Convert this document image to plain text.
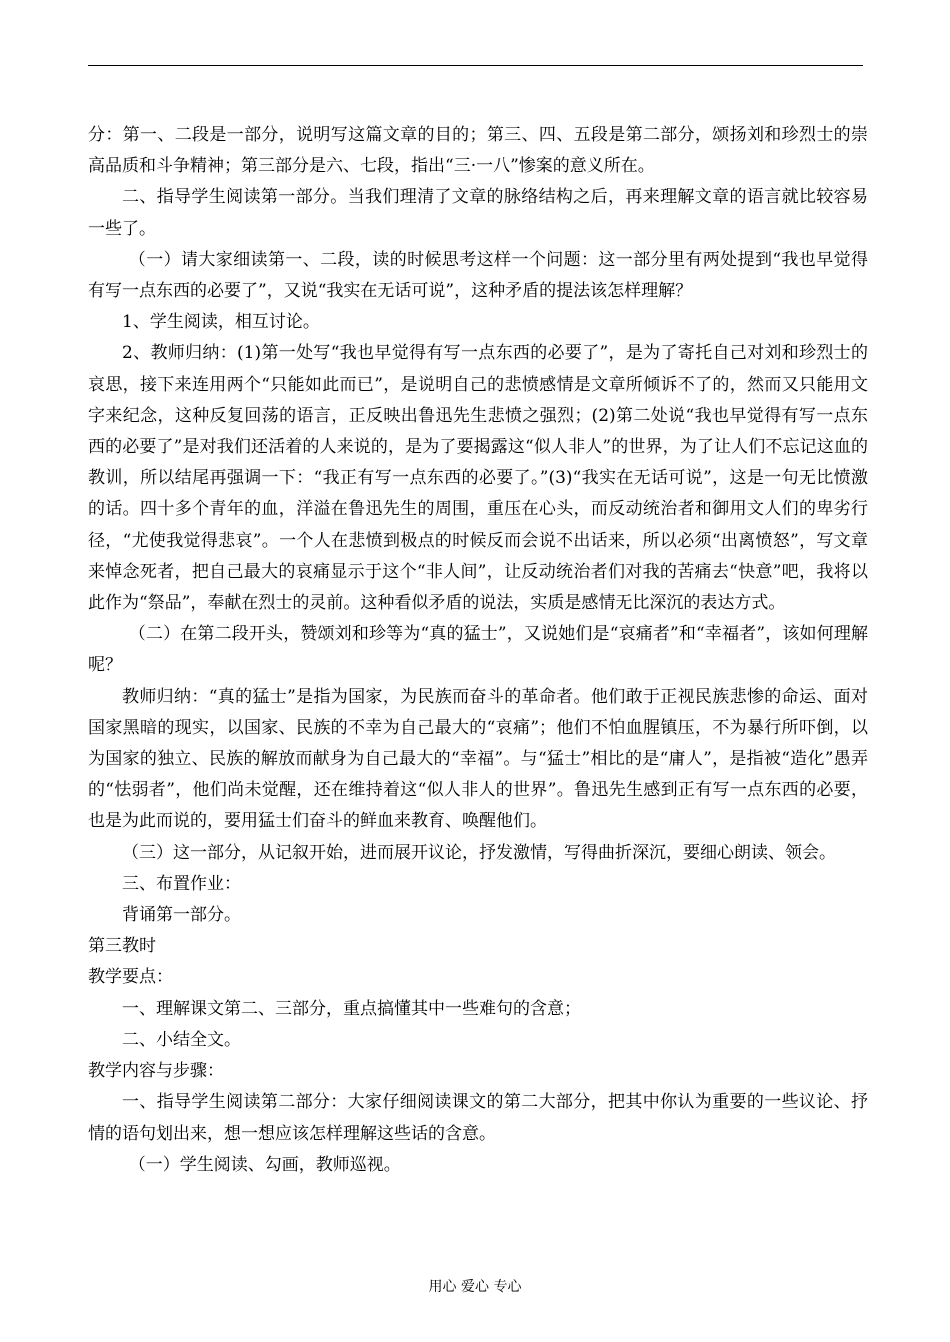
分：第一、二段是一部分，说明写这篇文章的目的；第三、四、五段是第二部分，颂扬刘和珍烈士的崇高品质和斗争精神；第三部分是六、七段，指出“三·一八”惨案的意义所在。

二、指导学生阅读第一部分。当我们理清了文章的脉络结构之后，再来理解文章的语言就比较容易一些了。

（一）请大家细读第一、二段，读的时候思考这样一个问题：这一部分里有两处提到“我也早觉得有写一点东西的必要了”，又说“我实在无话可说”，这种矛盾的提法该怎样理解？

1、学生阅读，相互讨论。

2、教师归纳：(1)第一处写“我也早觉得有写一点东西的必要了”，是为了寄托自己对刘和珍烈士的哀思，接下来连用两个“只能如此而已”，是说明自己的悲愤感情是文章所倾诉不了的，然而又只能用文字来纪念，这种反复回荡的语言，正反映出鲁迅先生悲愤之强烈；(2)第二处说“我也早觉得有写一点东西的必要了”是对我们还活着的人来说的，是为了要揭露这“似人非人”的世界，为了让人们不忘记这血的教训，所以结尾再强调一下：“我正有写一点东西的必要了。”(3)“我实在无话可说”，这是一句无比愤激的话。四十多个青年的血，洋溢在鲁迅先生的周围，重压在心头，而反动统治者和御用文人们的卑劣行径，“尤使我觉得悲哀”。一个人在悲愤到极点的时候反而会说不出话来，所以必须“出离愤怒”，写文章来悼念死者，把自己最大的哀痛显示于这个“非人间”，让反动统治者们对我的苦痛去“快意”吧，我将以此作为“祭品”，奉献在烈士的灵前。这种看似矛盾的说法，实质是感情无比深沉的表达方式。

（二）在第二段开头，赞颂刘和珍等为“真的猛士”，又说她们是“哀痛者”和“幸福者”，该如何理解呢？

教师归纳：“真的猛士”是指为国家，为民族而奋斗的革命者。他们敢于正视民族悲惨的命运、面对国家黑暗的现实，以国家、民族的不幸为自己最大的“哀痛”；他们不怕血腥镇压，不为暴行所吓倒，以为国家的独立、民族的解放而献身为自己最大的“幸福”。与“猛士”相比的是“庸人”，是指被“造化”愚弄的“怯弱者”，他们尚未觉醒，还在维持着这“似人非人的世界”。鲁迅先生感到正有写一点东西的必要，也是为此而说的，要用猛士们奋斗的鲜血来教育、唤醒他们。

（三）这一部分，从记叙开始，进而展开议论，抒发激情，写得曲折深沉，要细心朗读、领会。

三、布置作业：

背诵第一部分。

第三教时

教学要点：

一、理解课文第二、三部分，重点搞懂其中一些难句的含意；

二、小结全文。

教学内容与步骤：

一、指导学生阅读第二部分：大家仔细阅读课文的第二大部分，把其中你认为重要的一些议论、抒情的语句划出来，想一想应该怎样理解这些话的含意。

（一）学生阅读、勾画，教师巡视。

用心 爱心 专心
